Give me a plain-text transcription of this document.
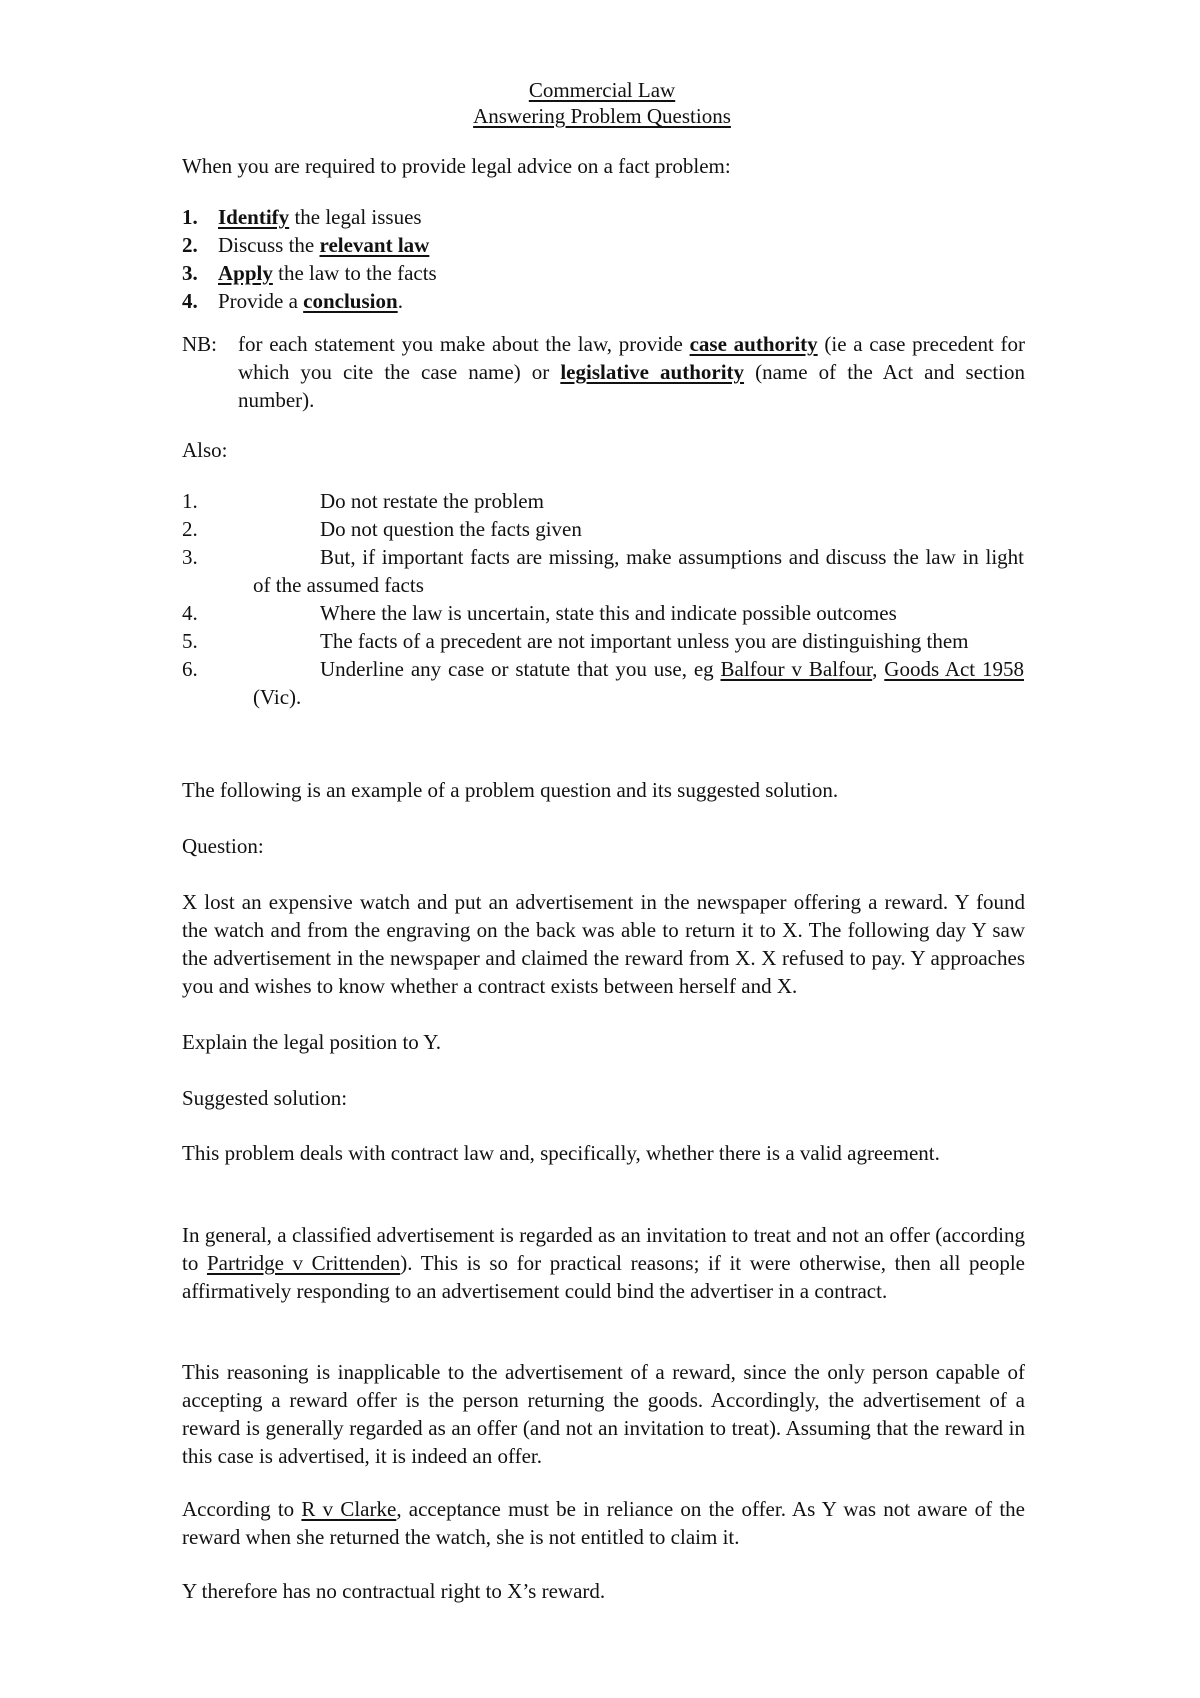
Commercial Law
Answering Problem Questions
When you are required to provide legal advice on a fact problem:
1. Identify the legal issues
2. Discuss the relevant law
3. Apply the law to the facts
4. Provide a conclusion.
NB: for each statement you make about the law, provide case authority (ie a case precedent for which you cite the case name) or legislative authority (name of the Act and section number).
Also:
1.	Do not restate the problem
2.	Do not question the facts given
3.	But, if important facts are missing, make assumptions and discuss the law in light of the assumed facts
4.	Where the law is uncertain, state this and indicate possible outcomes
5.	The facts of a precedent are not important unless you are distinguishing them
6.	Underline any case or statute that you use, eg Balfour v Balfour, Goods Act 1958 (Vic).
The following is an example of a problem question and its suggested solution.
Question:
X lost an expensive watch and put an advertisement in the newspaper offering a reward. Y found the watch and from the engraving on the back was able to return it to X. The following day Y saw the advertisement in the newspaper and claimed the reward from X. X refused to pay. Y approaches you and wishes to know whether a contract exists between herself and X.
Explain the legal position to Y.
Suggested solution:
This problem deals with contract law and, specifically, whether there is a valid agreement.
In general, a classified advertisement is regarded as an invitation to treat and not an offer (according to Partridge v Crittenden). This is so for practical reasons; if it were otherwise, then all people affirmatively responding to an advertisement could bind the advertiser in a contract.
This reasoning is inapplicable to the advertisement of a reward, since the only person capable of accepting a reward offer is the person returning the goods. Accordingly, the advertisement of a reward is generally regarded as an offer (and not an invitation to treat). Assuming that the reward in this case is advertised, it is indeed an offer.
According to R v Clarke, acceptance must be in reliance on the offer. As Y was not aware of the reward when she returned the watch, she is not entitled to claim it.
Y therefore has no contractual right to X’s reward.
